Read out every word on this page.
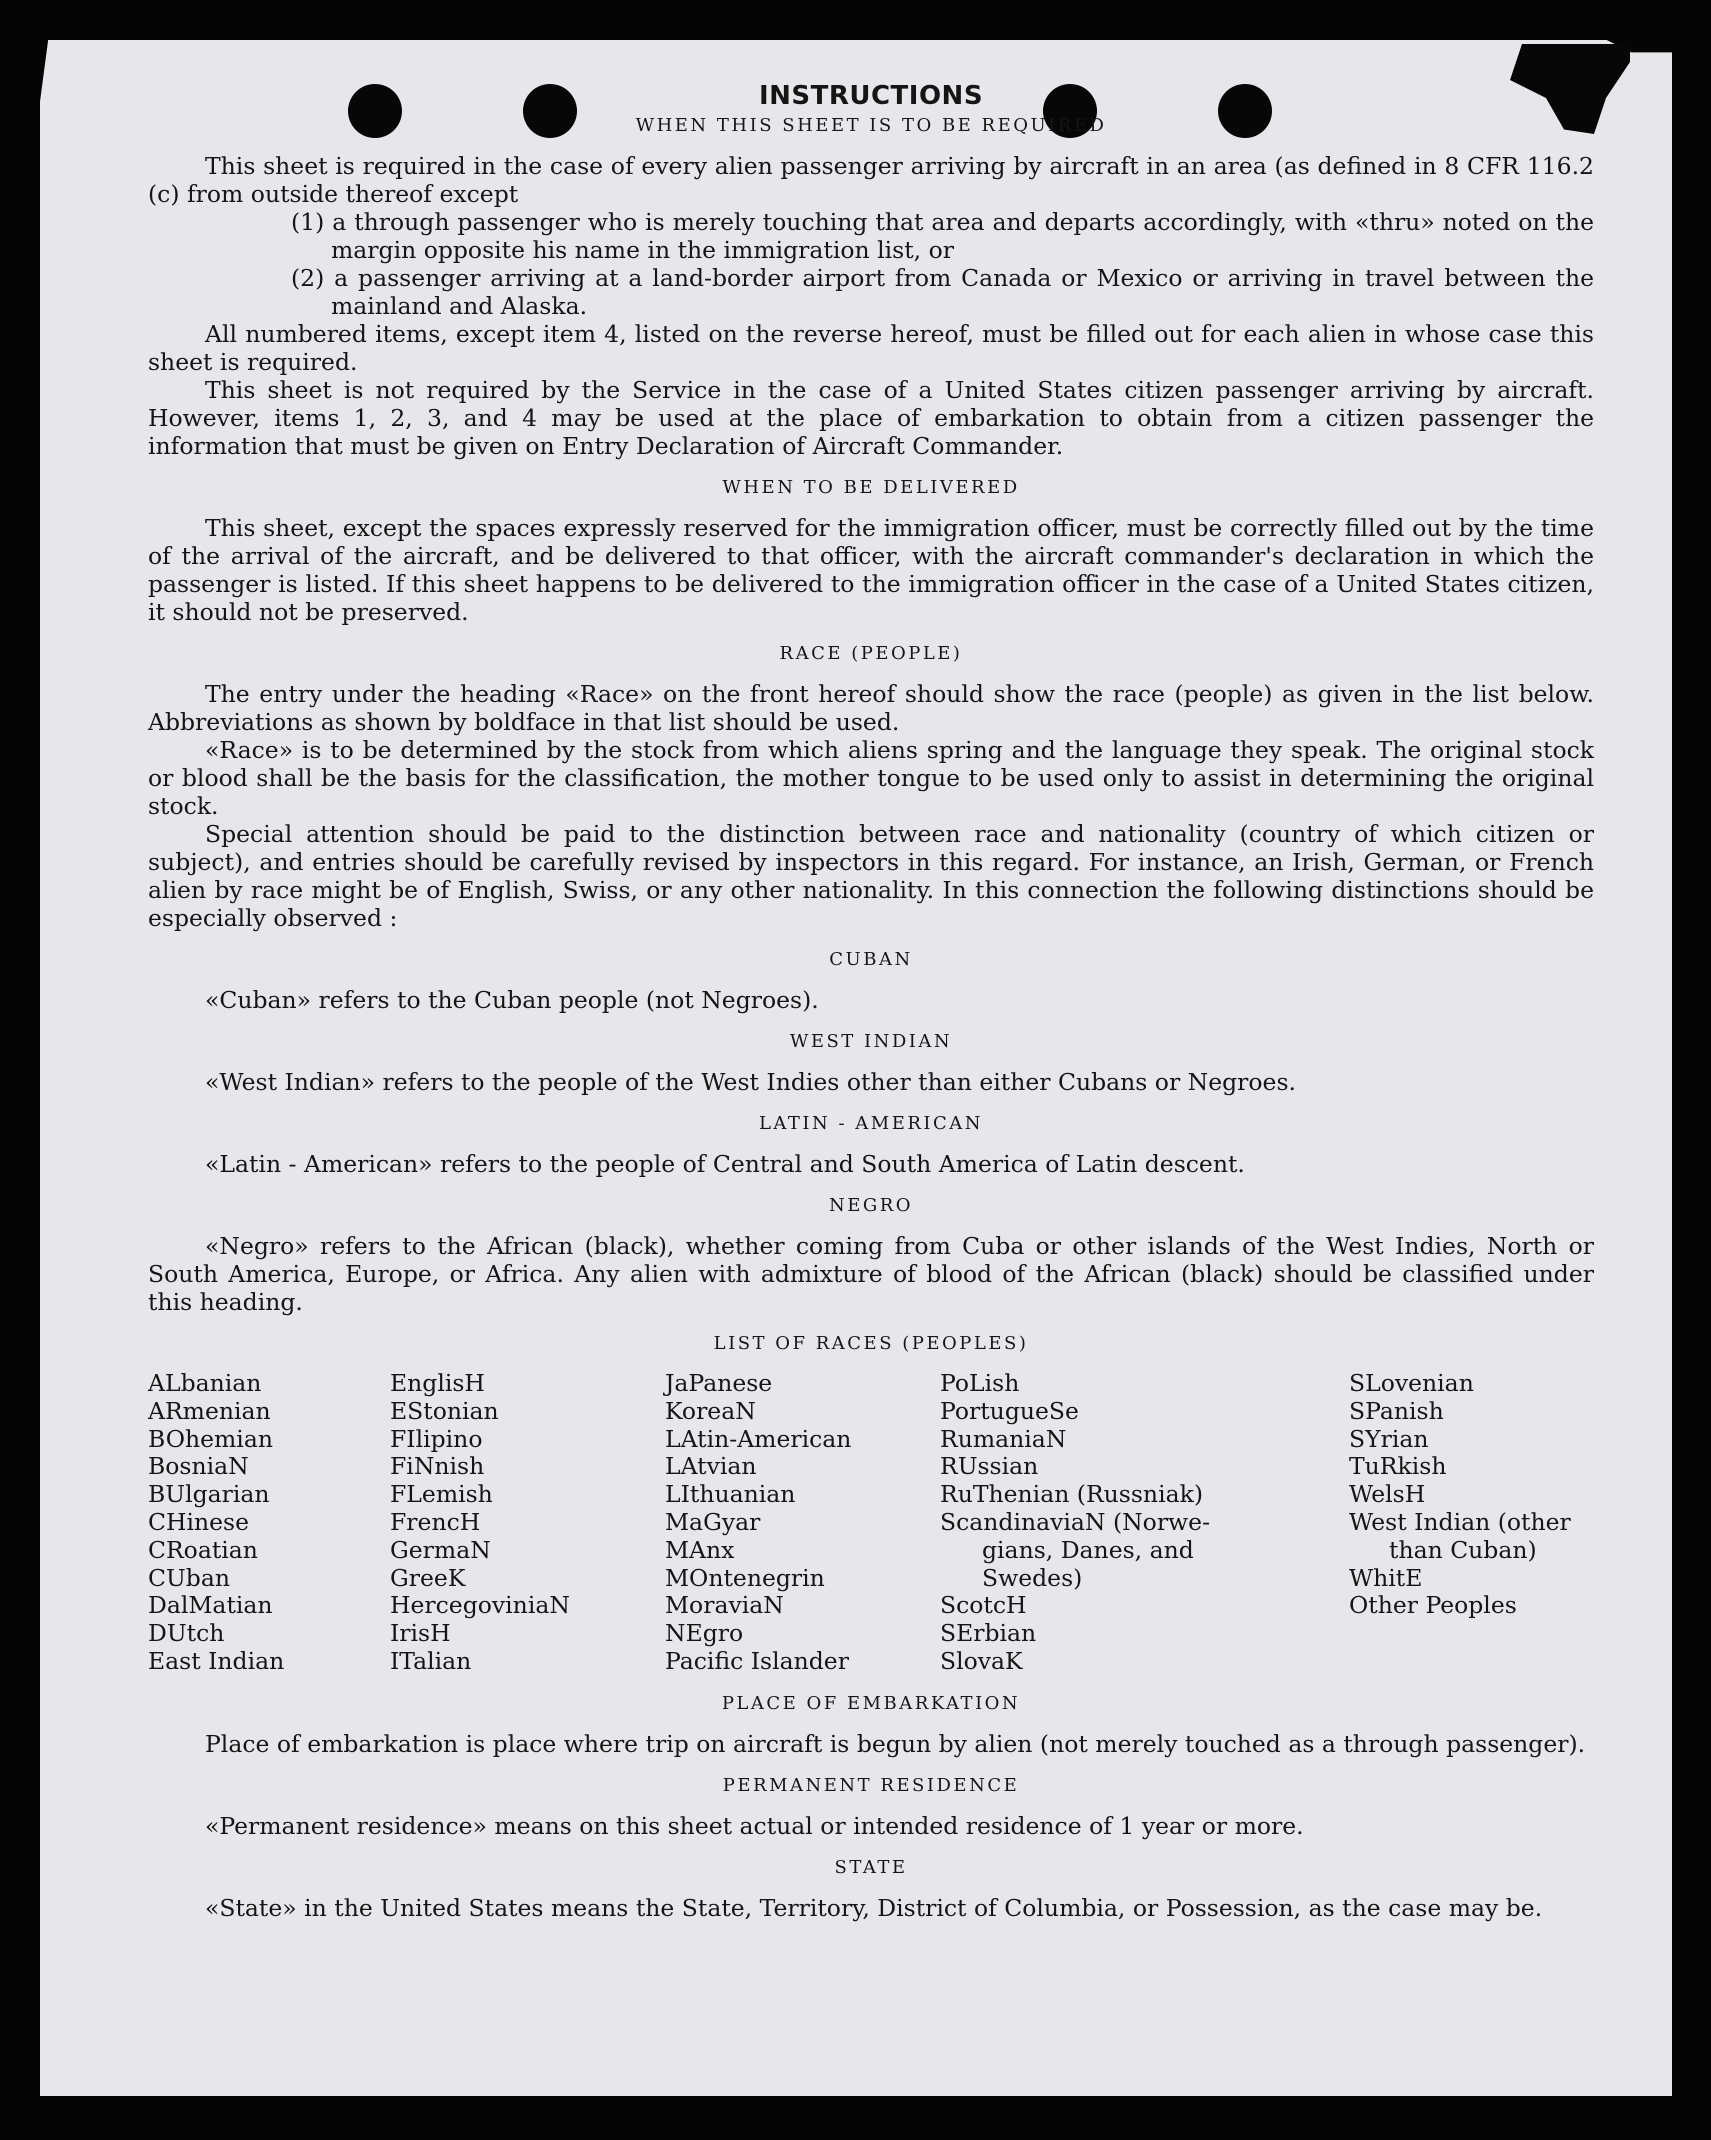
INSTRUCTIONS
WHEN THIS SHEET IS TO BE REQUIRED

This sheet is required in the case of every alien passenger arriving by aircraft in an area (as defined in 8 CFR 116.2 (c) from outside thereof except

(1) a through passenger who is merely touching that area and departs accordingly, with «thru» noted on the margin opposite his name in the immigration list, or

(2) a passenger arriving at a land-border airport from Canada or Mexico or arriving in travel between the mainland and Alaska.

All numbered items, except item 4, listed on the reverse hereof, must be filled out for each alien in whose case this sheet is required.

This sheet is not required by the Service in the case of a United States citizen passenger arriving by aircraft. However, items 1, 2, 3, and 4 may be used at the place of embarkation to obtain from a citizen passenger the information that must be given on Entry Declaration of Aircraft Commander.

WHEN TO BE DELIVERED

This sheet, except the spaces expressly reserved for the immigration officer, must be correctly filled out by the time of the arrival of the aircraft, and be delivered to that officer, with the aircraft commander's declaration in which the passenger is listed. If this sheet happens to be delivered to the immigration officer in the case of a United States citizen, it should not be preserved.

RACE (PEOPLE)

The entry under the heading «Race» on the front hereof should show the race (people) as given in the list below. Abbreviations as shown by boldface in that list should be used.

«Race» is to be determined by the stock from which aliens spring and the language they speak. The original stock or blood shall be the basis for the classification, the mother tongue to be used only to assist in determining the original stock.

Special attention should be paid to the distinction between race and nationality (country of which citizen or subject), and entries should be carefully revised by inspectors in this regard. For instance, an Irish, German, or French alien by race might be of English, Swiss, or any other nationality. In this connection the following distinctions should be especially observed :

CUBAN

«Cuban» refers to the Cuban people (not Negroes).

WEST INDIAN

«West Indian» refers to the people of the West Indies other than either Cubans or Negroes.

LATIN - AMERICAN

«Latin - American» refers to the people of Central and South America of Latin descent.

NEGRO

«Negro» refers to the African (black), whether coming from Cuba or other islands of the West Indies, North or South America, Europe, or Africa. Any alien with admixture of blood of the African (black) should be classified under this heading.

LIST OF RACES (PEOPLES)
ALbanian
ARmenian
BOhemian
BosniaN
BUlgarian
CHinese
CRoatian
CUban
DalMatian
DUtch
East Indian
EnglisH
EStonian
FIlipino
FiNnish
FLemish
FrencH
GermaN
GreeK
HercegovinіaN
IrisH
ITalian
JaPanese
KoreaN
LAtin-American
LAtvian
LIthuanian
MaGyar
MAnx
MOntenegrin
MoraviaN
NEgro
Pacific Islander
PoLish
PortugueSe
RumaniaN
RUssian
RuThenian (Russniak)
ScandinaviaN (Norwe-
gians, Danes, and
Swedes)
ScotcH
SErbian
SlovaK
SLovenian
SPanish
SYrian
TuRkish
WelsH
West Indian (other
than Cuban)
WhitE
Other Peoples
PLACE OF EMBARKATION

Place of embarkation is place where trip on aircraft is begun by alien (not merely touched as a through passenger).

PERMANENT RESIDENCE

«Permanent residence» means on this sheet actual or intended residence of 1 year or more.

STATE

«State» in the United States means the State, Territory, District of Columbia, or Possession, as the case may be.
